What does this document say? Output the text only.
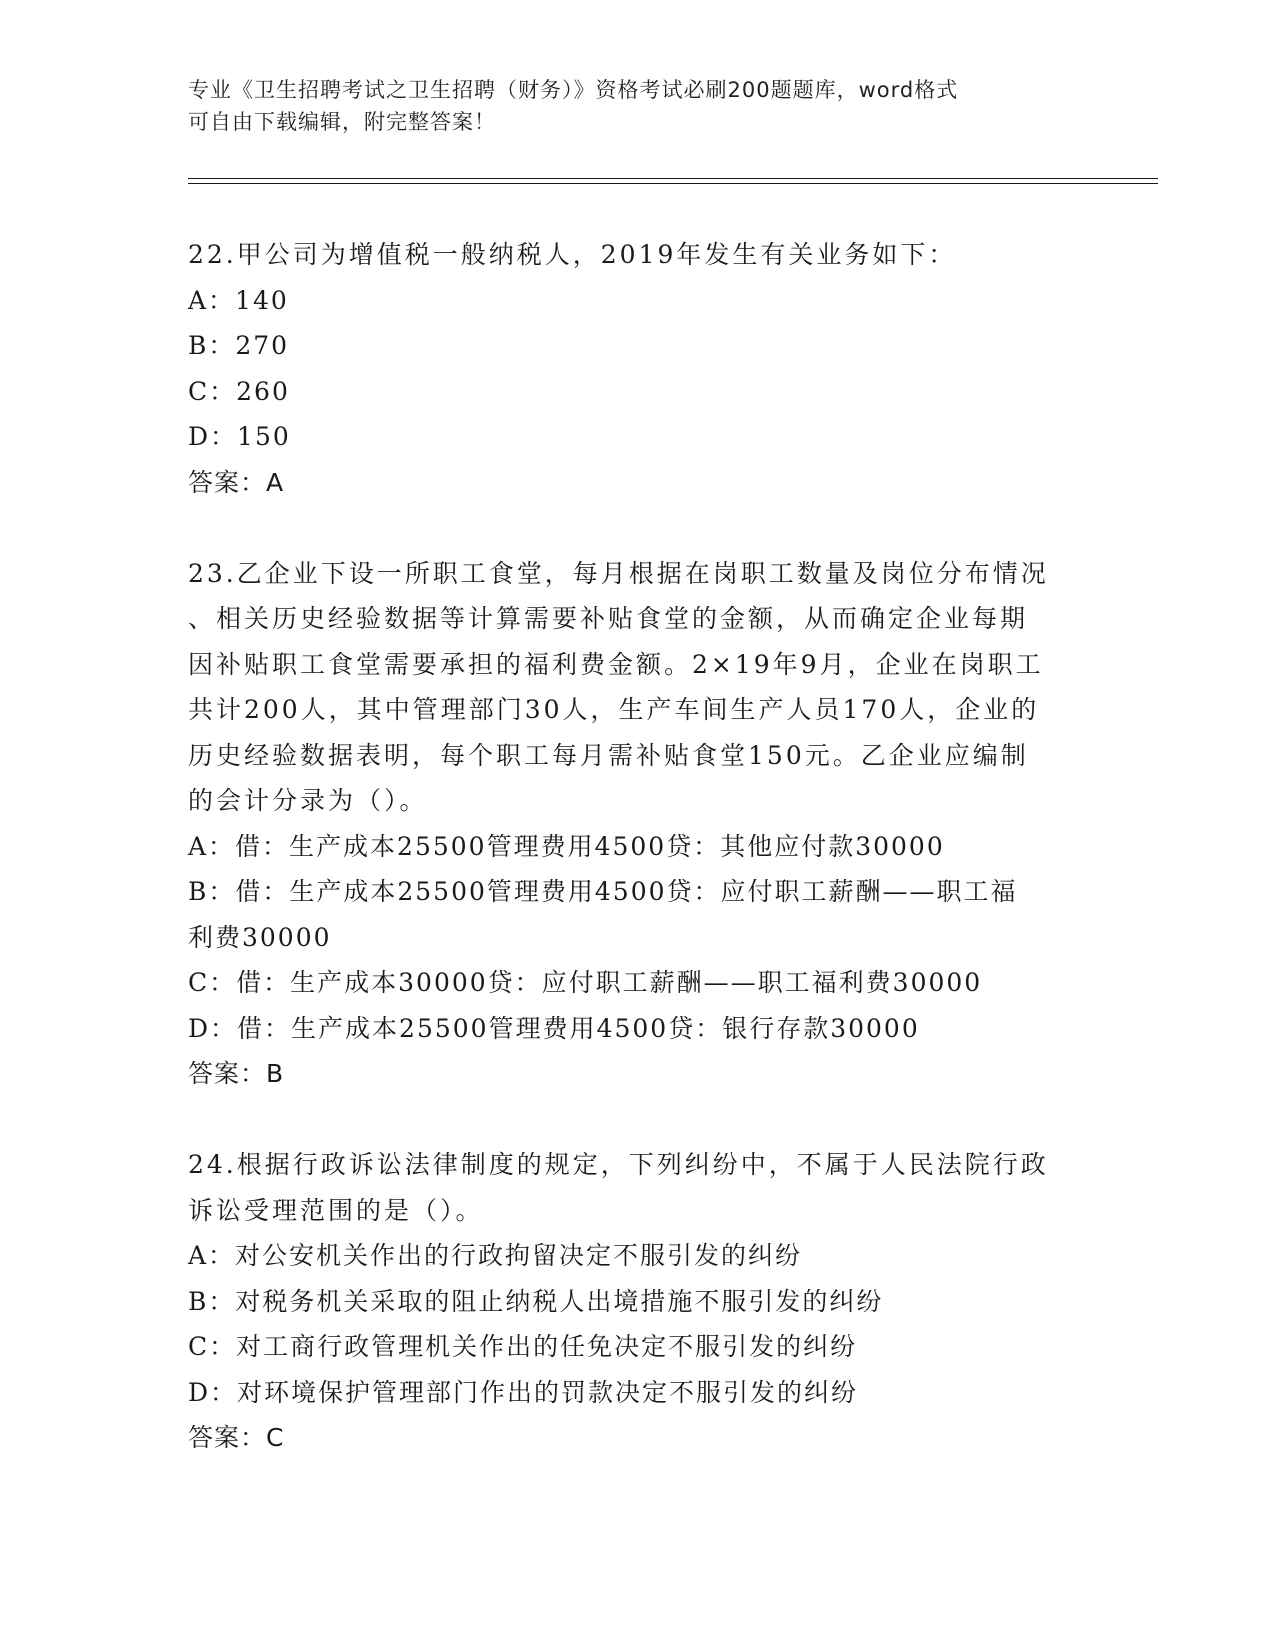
专业《卫生招聘考试之卫生招聘（财务）》资格考试必刷200题题库，word格式
可自由下载编辑，附完整答案！
22.甲公司为增值税一般纳税人，2019年发生有关业务如下：
A：140
B：270
C：260
D：150
答案：A
23.乙企业下设一所职工食堂，每月根据在岗职工数量及岗位分布情况
、相关历史经验数据等计算需要补贴食堂的金额，从而确定企业每期
因补贴职工食堂需要承担的福利费金额。2×19年9月，企业在岗职工
共计200人，其中管理部门30人，生产车间生产人员170人，企业的
历史经验数据表明，每个职工每月需补贴食堂150元。乙企业应编制
的会计分录为（）。
A：借：生产成本25500管理费用4500贷：其他应付款30000
B：借：生产成本25500管理费用4500贷：应付职工薪酬——职工福
利费30000
C：借：生产成本30000贷：应付职工薪酬——职工福利费30000
D：借：生产成本25500管理费用4500贷：银行存款30000
答案：B
24.根据行政诉讼法律制度的规定，下列纠纷中，不属于人民法院行政
诉讼受理范围的是（）。
A：对公安机关作出的行政拘留决定不服引发的纠纷
B：对税务机关采取的阻止纳税人出境措施不服引发的纠纷
C：对工商行政管理机关作出的任免决定不服引发的纠纷
D：对环境保护管理部门作出的罚款决定不服引发的纠纷
答案：C
